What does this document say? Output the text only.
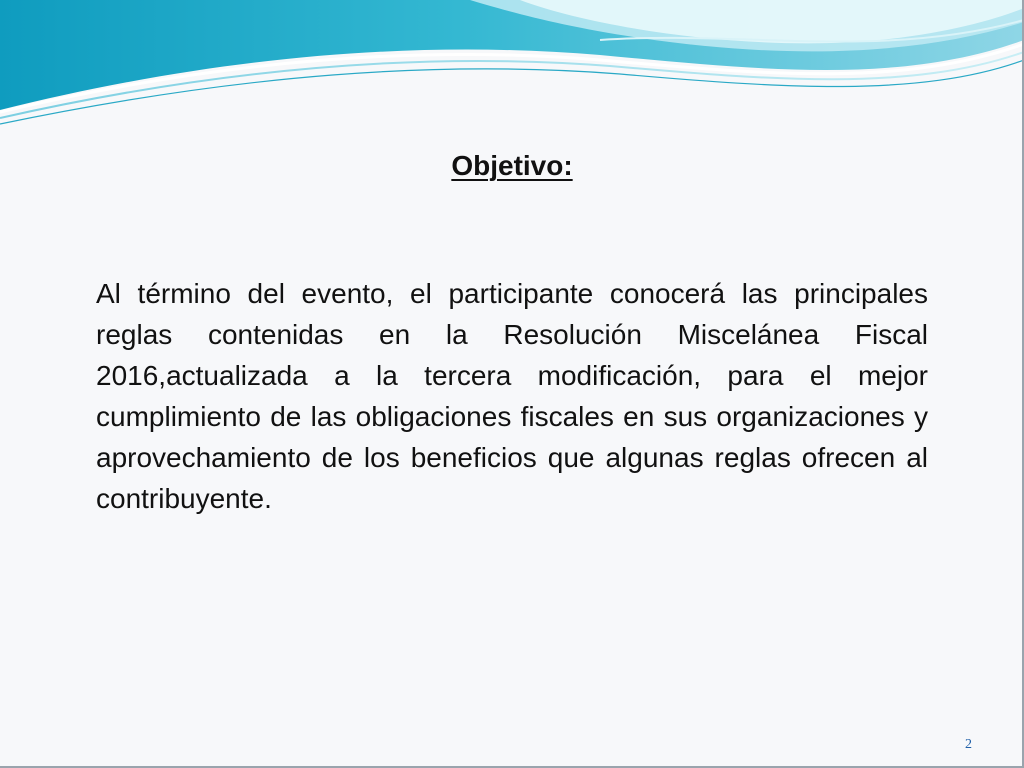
Objetivo:

Al término del evento, el participante conocerá las principales reglas contenidas en la Resolución Miscelánea Fiscal 2016,actualizada a la tercera modificación, para el mejor cumplimiento de las obligaciones fiscales en sus organizaciones y aprovechamiento de los beneficios que algunas reglas ofrecen al contribuyente.

2
